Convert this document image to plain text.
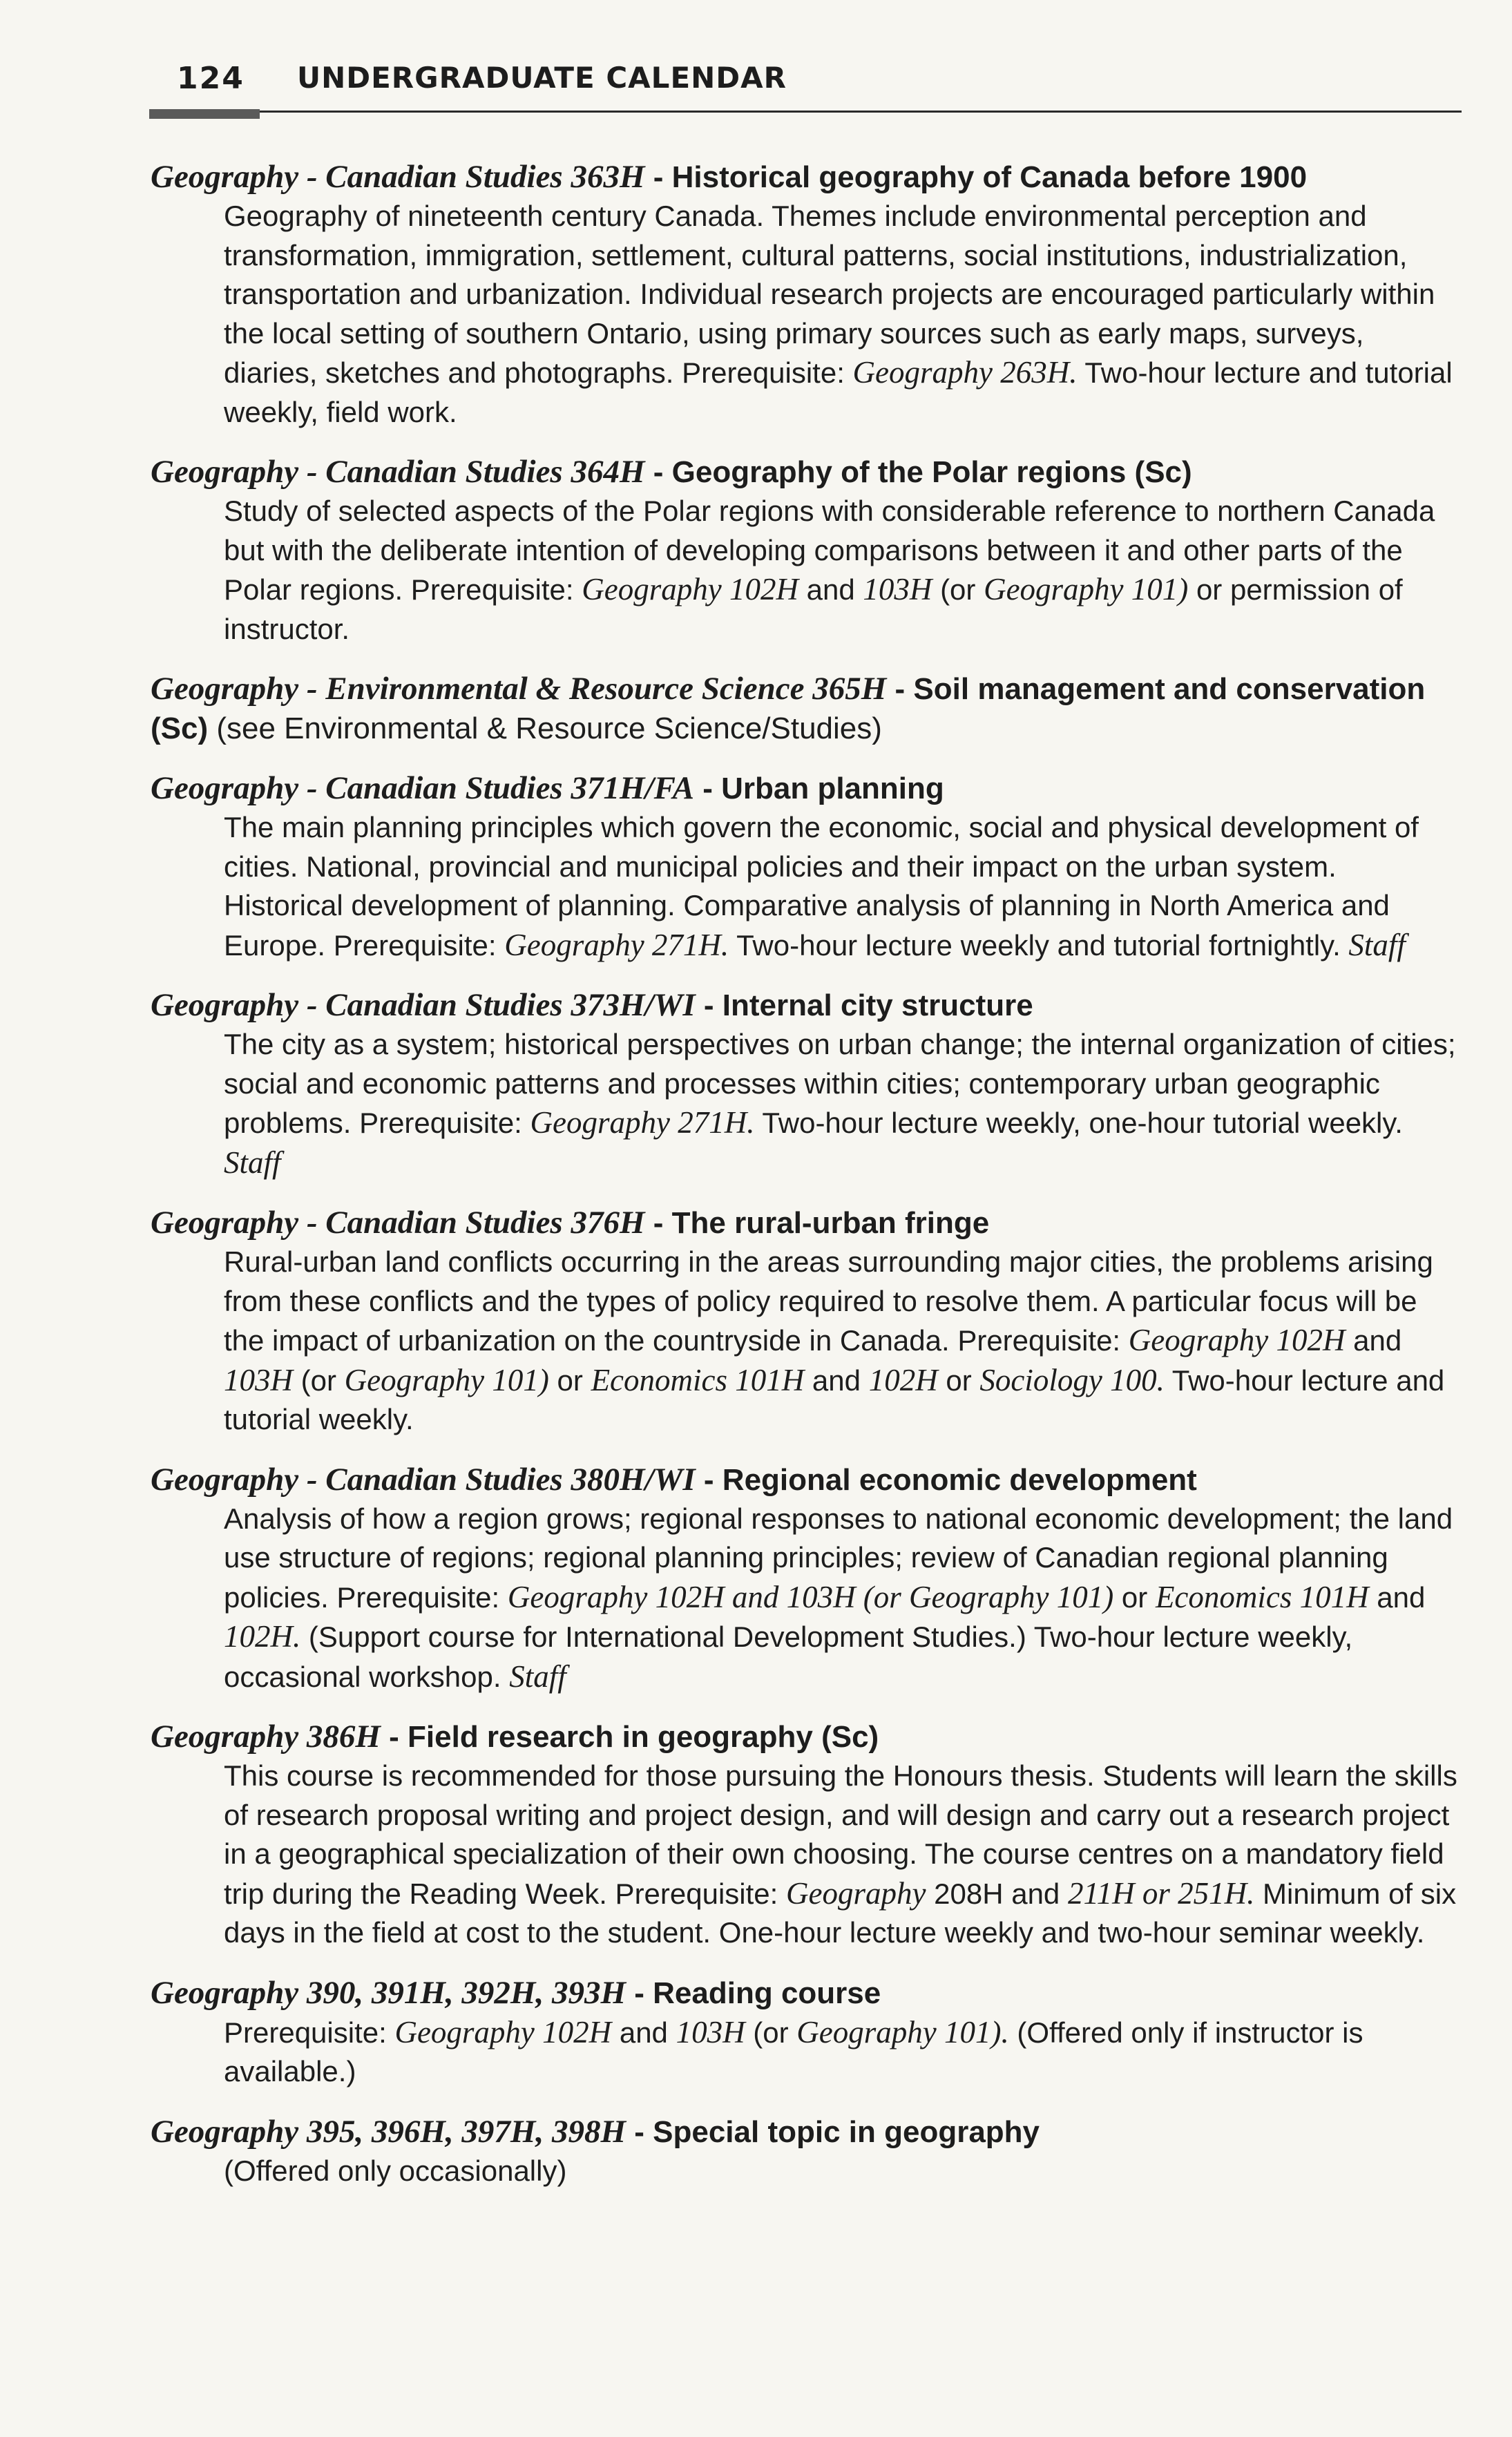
124 UNDERGRADUATE CALENDAR

Geography - Canadian Studies 363H - Historical geography of Canada before 1900

Geography of nineteenth century Canada. Themes include environmental perception and transformation, immigration, settlement, cultural patterns, social institutions, industrialization, transportation and urbanization. Individual research projects are encouraged particularly within the local setting of southern Ontario, using primary sources such as early maps, surveys, diaries, sketches and photographs. Prerequisite: Geography 263H. Two-hour lecture and tutorial weekly, field work.

Geography - Canadian Studies 364H - Geography of the Polar regions (Sc)

Study of selected aspects of the Polar regions with considerable reference to northern Canada but with the deliberate intention of developing comparisons between it and other parts of the Polar regions. Prerequisite: Geography 102H and 103H (or Geography 101) or permission of instructor.

Geography - Environmental & Resource Science 365H - Soil management and conservation (Sc) (see Environmental & Resource Science/Studies)

Geography - Canadian Studies 371H/FA - Urban planning

The main planning principles which govern the economic, social and physical development of cities. National, provincial and municipal policies and their impact on the urban system. Historical development of planning. Comparative analysis of planning in North America and Europe. Prerequisite: Geography 271H. Two-hour lecture weekly and tutorial fortnightly. Staff

Geography - Canadian Studies 373H/WI - Internal city structure

The city as a system; historical perspectives on urban change; the internal organization of cities; social and economic patterns and processes within cities; contemporary urban geographic problems. Prerequisite: Geography 271H. Two-hour lecture weekly, one-hour tutorial weekly. Staff

Geography - Canadian Studies 376H - The rural-urban fringe

Rural-urban land conflicts occurring in the areas surrounding major cities, the problems arising from these conflicts and the types of policy required to resolve them. A particular focus will be the impact of urbanization on the countryside in Canada. Prerequisite: Geography 102H and 103H (or Geography 101) or Economics 101H and 102H or Sociology 100. Two-hour lecture and tutorial weekly.

Geography - Canadian Studies 380H/WI - Regional economic development

Analysis of how a region grows; regional responses to national economic development; the land use structure of regions; regional planning principles; review of Canadian regional planning policies. Prerequisite: Geography 102H and 103H (or Geography 101) or Economics 101H and 102H. (Support course for International Development Studies.) Two-hour lecture weekly, occasional workshop. Staff

Geography 386H - Field research in geography (Sc)

This course is recommended for those pursuing the Honours thesis. Students will learn the skills of research proposal writing and project design, and will design and carry out a research project in a geographical specialization of their own choosing. The course centres on a mandatory field trip during the Reading Week. Prerequisite: Geography 208H and 211H or 251H. Minimum of six days in the field at cost to the student. One-hour lecture weekly and two-hour seminar weekly.

Geography 390, 391H, 392H, 393H - Reading course

Prerequisite: Geography 102H and 103H (or Geography 101). (Offered only if instructor is available.)

Geography 395, 396H, 397H, 398H - Special topic in geography

(Offered only occasionally)
